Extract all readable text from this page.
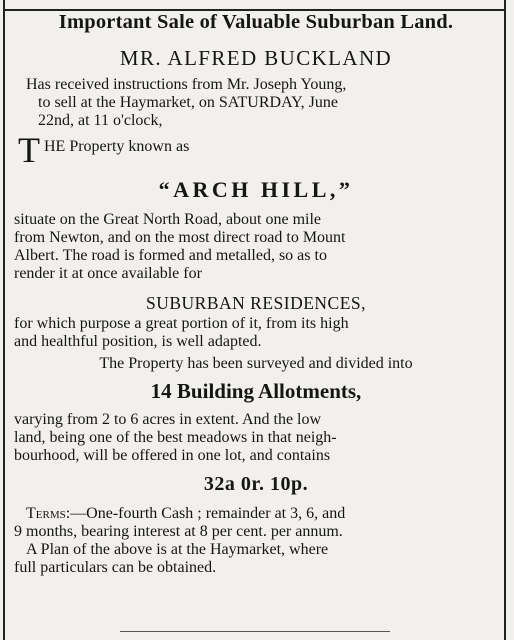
Important Sale of Valuable Suburban Land.
MR. ALFRED BUCKLAND
Has received instructions from Mr. Joseph Young,
to sell at the Haymarket, on SATURDAY, June
22nd, at 11 o'clock,
T HE Property known as
“ARCH HILL,”
situate on the Great North Road, about one mile
from Newton, and on the most direct road to Mount
Albert. The road is formed and metalled, so as to
render it at once available for
SUBURBAN RESIDENCES,
for which purpose a great portion of it, from its high
and healthful position, is well adapted.
The Property has been surveyed and divided into
14 Building Allotments,
varying from 2 to 6 acres in extent. And the low
land, being one of the best meadows in that neigh-
bourhood, will be offered in one lot, and contains
32a 0r. 10p.
Terms:—One-fourth Cash ; remainder at 3, 6, and
9 months, bearing interest at 8 per cent. per annum.
A Plan of the above is at the Haymarket, where
full particulars can be obtained.
